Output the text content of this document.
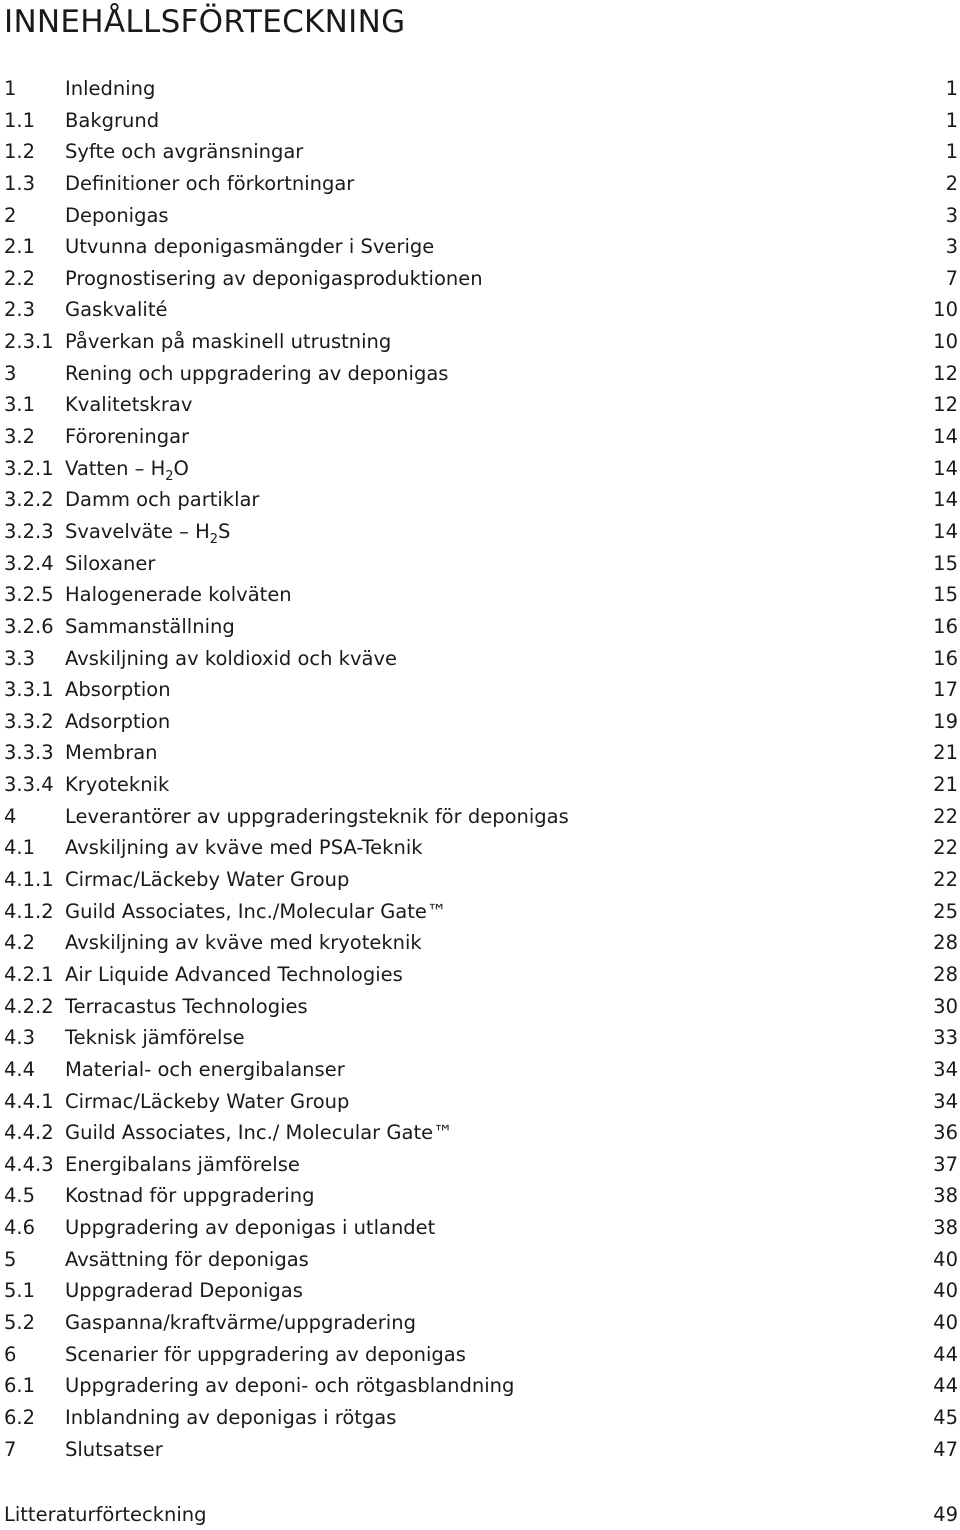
INNEHÅLLSFÖRTECKNING
1 Inledning	1
1.1 Bakgrund	1
1.2 Syfte och avgränsningar	1
1.3 Definitioner och förkortningar	2
2 Deponigas	3
2.1 Utvunna deponigasmängder i Sverige	3
2.2 Prognostisering av deponigasproduktionen	7
2.3 Gaskvalité	10
2.3.1 Påverkan på maskinell utrustning	10
3 Rening och uppgradering av deponigas	12
3.1 Kvalitetskrav	12
3.2 Föroreningar	14
3.2.1 Vatten – $H_2O$	14
3.2.2 Damm och partiklar	14
3.2.3 Svavelväte – $H_2S$	14
3.2.4 Siloxaner	15
3.2.5 Halogenerade kolväten	15
3.2.6 Sammanställning	16
3.3 Avskiljning av koldioxid och kväve	16
3.3.1 Absorption	17
3.3.2 Adsorption	19
3.3.3 Membran	21
3.3.4 Kryoteknik	21
4 Leverantörer av uppgraderingsteknik för deponigas	22
4.1 Avskiljning av kväve med PSA-Teknik	22
4.1.1 Cirmac/Läckeby Water Group	22
4.1.2 Guild Associates, Inc./Molecular Gate™	25
4.2 Avskiljning av kväve med kryoteknik	28
4.2.1 Air Liquide Advanced Technologies	28
4.2.2 Terracastus Technologies	30
4.3 Teknisk jämförelse	33
4.4 Material- och energibalanser	34
4.4.1 Cirmac/Läckeby Water Group	34
4.4.2 Guild Associates, Inc./ Molecular Gate™	36
4.4.3 Energibalans jämförelse	37
4.5 Kostnad för uppgradering	38
4.6 Uppgradering av deponigas i utlandet	38
5 Avsättning för deponigas	40
5.1 Uppgraderad Deponigas	40
5.2 Gaspanna/kraftvärme/uppgradering	40
6 Scenarier för uppgradering av deponigas	44
6.1 Uppgradering av deponi- och rötgasblandning	44
6.2 Inblandning av deponigas i rötgas	45
7 Slutsatser	47
Litteraturförteckning	49
